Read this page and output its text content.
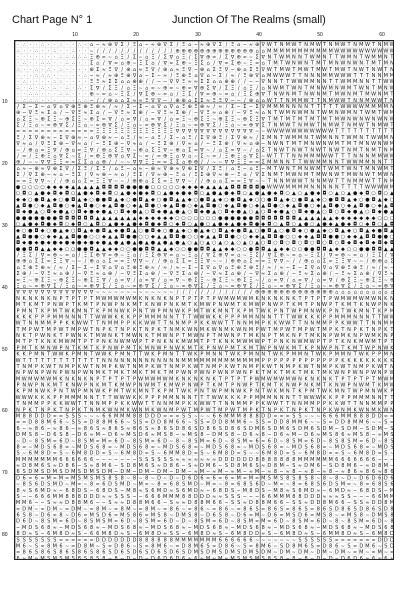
Chart Page N° 1	Junction Of The Realms (small)
10	20	30	40	50	60
10
20
30
40
50
60
70
80
· ∴ · · ∴ · · ∴ · · ∴ · ⌂ ∼ ≈ ⊕ ∇ Σ / Ξ ⌂ ∼ ≈ ⊕ ∇ Σ / Ξ ⌂ ∼ ≈ ⊕ ∇ Σ / Ξ ⌂ ∼ ≈ ⊕ ∇ W T N M W T N M W T N M W T N M W T N M W
∴ · · ∴ · · ∴ · · ∴ · · ∼ / / / / / / / / / / / / / ⊕ ⊕ ⊕ ⊕ ⊕ ⊕ ⊕ ⊕ ⊕ ⊕ ⊕ ⊕ ⊕ ⌂ ⌂ M M M M M M M M M M M W W W W W W W W W W
· · · · · · · ∴ ∴ ∴ ∴ ∴ Ξ ⊕ ≈ ∼ ⌂ Ξ / Σ ∼ ⌂ Ξ / Σ ∇ ⌂ Ξ / Σ ∇ ⊕ ≈ / Σ ∇ ⊕ ≈ ∼ Σ ∇ N T W M N N T W M N T T W M N T W M M N T
· ∴ · · ∴ ∴ · · ∴ ∴ · · Σ ⌂ / ∇ ≈ ⌂ ⊕ ∼ Ξ Σ ⌂ / ∇ ≈ Σ ⊕ ∼ Ξ Σ ⌂ / ∇ ≈ Σ ⊕ ∼ Ξ ≈ ⌂ T M T W N W N T M T M N W N W N T M T M N
∴ · · ∴ · ∴ · ∴ · · · · ⊕ Σ ≈ Ξ ∇ / ⊕ ⌂ ≈ Ξ ∇ / ⊕ ⌂ ≈ Ξ ∇ ∼ ⊕ ⌂ Σ Ξ ∇ ∼ ⊕ ⌂ Σ Ξ ∇ W T M W T M W T M W T M W T N W T N W T N
· · · ∴ ∴ ∴ · · · · · ∴ ∼ ≈ / ≈ ⊕ Ξ ⊕ ∇ ⌂ ∼ Σ ∼ ≈ / Ξ ⊕ Ξ ⌂ ∇ ⌂ ∼ Σ / ≈ / Ξ ⊕ ∇ ⌂ M W W W T T N N N M M W W W T T T N N M M
· ∴ · · · · ∴ ∴ · · · · Ξ Ξ ≈ Σ Σ ⌂ ⌂ ⊕ ⊕ / / ∼ ∼ ∇ ∇ Ξ ≈ ≈ Σ Σ ⌂ ⌂ ⊕ ⊕ / / ∼ ∼ ∇ N N T T W W M M N N T T W M M N N T T W W
∴ · ∴ · ∴ · ∴ · ∴ · ∴ · Σ ∇ / Σ Ξ / ⌂ Ξ ∼ ⌂ ≈ ∼ ⊕ ≈ ∼ ⊕ ≈ ∇ ⊕ Σ ∇ / Σ Ξ / ⌂ Ξ / ⌂ N W M T W N T M N W M N W M T W N T M N W
· · ∴ ∴ · · · ∴ ∴ · · · ⊕ ∼ ≈ ⌂ ∼ Ξ Σ / ∇ Σ ⊕ ∼ ≈ ⌂ / Ξ Σ / ∇ ≈ ⊕ ∼ ≈ ⌂ / Ξ Σ ⊕ ∇ T N W N M T N W N M T M W N M T M W N M T
· ∴ ∴ ∴ · · · · · · ∴ ∴ ∼ / / ⊕ ⌂ ⌂ Σ ≈ ≈ Ξ ∇ ∇ ∼ / ⊕ ⊕ ⌂ Σ Σ ≈ Ξ Ξ ∇ ∼ ∼ / ⊕ ⌂ ⌂ W T T N M M W T T N M W W T N N M W W T N
/ Σ ∼ Σ ∼ ⌂ ∇ ⌂ ∇ ⊕ Ξ ⊕ Ξ ⊕ ≈ / ≈ / Σ ∼ Σ ∼ ⌂ ∇ ⌂ ∇ ⌂ Ξ ⊕ Ξ ⊕ ≈ / ≈ / Σ ∼ Σ ∼ Σ ∇ M M M N N N N T T T T T W W W W M M M M N
⊕ ∼ ∇ Ξ ≈ Σ ⌂ / ∼ ∇ Ξ ≈ Σ ⌂ / ∼ ∇ Ξ ≈ Σ ⊕ / ∼ ∇ Ξ ≈ Σ ⊕ / ∼ ∇ Ξ ≈ ⌂ ⊕ / ∼ ∇ Ξ ≈ ⌂ N T W M N W M N T W M N W M N T W M T W M
⌂ Σ Ξ ∼ ⊕ Σ Ξ ∼ ⊕ Σ Ξ ∼ ⊕ Σ ≈ ∇ / ⌂ ≈ ∇ / ⌂ ≈ ∇ / ⌂ ≈ Ξ ∼ ⊕ Σ Ξ ∼ ⊕ Σ Ξ ∼ ⊕ Σ Ξ ∇ T M T M T M T M T M T M W N W N W N W N W
Σ / Ξ ⌂ ∼ ≈ ⊕ ∇ Σ / Ξ ⌂ ∼ ≈ ⊕ ∇ Σ / Ξ ⌂ ∼ ≈ ⊕ ∇ Σ / Ξ ⌂ ∼ ≈ ⊕ ∇ Σ / Ξ ⌂ ∼ ≈ ⊕ ∇ Σ T N M W T N M W T N M W T N M W T N M W T
≈ ≈ ≈ ≈ ≈ ≈ ≈ ≈ ≈ ≈ ≈ ≈ ≈ Ξ Ξ Ξ Ξ Ξ Ξ Ξ Ξ Ξ Ξ Ξ Ξ Ξ ∇ ∇ ∇ ∇ ∇ ∇ ∇ ∇ ∇ ∇ ∇ ∇ ∇ ∼ ∼ W W W W W W W W W W W T T T T T T T T T T
Ξ / Σ ∇ ⊕ ≈ ∼ Σ ∇ ⊕ ≈ ∼ ⌂ ∇ ⊕ ≈ ∼ ⌂ Ξ / ≈ ∼ ⌂ Ξ / Σ ∼ ⌂ Ξ / Σ ∇ ⊕ Ξ / Σ ∇ ⊕ ≈ / Σ M N T W M M N T W M N N T W M N T W W M N
∇ ≈ ⌂ / ∇ Ξ Σ ⊕ ∼ ∇ ≈ ⌂ / ∼ Ξ Σ ⊕ ∼ ∇ ≈ ⌂ / ∼ Ξ Σ ⊕ / ∇ ≈ ⌂ / ∼ Ξ Σ ⊕ / ∇ ≈ ⌂ ⊕ ∼ N W N T M T M N W N W M T M T M N W N W M
∼ / ⊕ ⌂ ≈ Ξ ∇ / ⊕ ⌂ ≈ Ξ ∇ / ⊕ ⌂ Σ Ξ ∇ ∼ ⊕ ⌂ Σ Ξ ∇ ∼ ⊕ ⌂ Σ ≈ ∇ ∼ / ⌂ Σ ≈ ∇ ∼ / ⌂ Σ T N W T N W T N W T N W T N M T N M T N M
/ ≈ / Ξ ⊕ Ξ ⌂ ∇ Σ ∼ Σ / ≈ ⊕ Ξ ⊕ ∇ ⌂ ∇ Σ ∼ ≈ / ≈ ⊕ Ξ ⌂ ∇ ⌂ ∼ Σ ∼ ≈ / Ξ ⊕ Ξ ⌂ ∇ Σ ∼ W T T T N N M M M W W T T T N N N M M W W
⊕ / ∼ ∼ ∇ ∇ Ξ Ξ ≈ ≈ Σ Σ ⌂ ⌂ ⊕ / / ∼ ∼ ∇ ∇ Ξ Ξ ≈ ≈ Σ Σ ⌂ ⊕ ⊕ / / ∼ ∼ ∇ ∇ Ξ Ξ ≈ ≈ Σ M M N N T T W W M M N N T W W M M N N T T
⌂ ≈ ∼ ⊕ ≈ ∇ ⊕ Σ ∇ / Σ Ξ / Σ Ξ / ⌂ Ξ ∼ ⌂ ≈ ∼ ⊕ ≈ ∇ ⊕ ≈ ∇ ⊕ Σ ∇ / Σ Ξ / ⌂ Ξ ∼ ⌂ Ξ ∼ M T W N T M N W M T W M T W N T M N W M T
Σ / ∇ Σ ⊕ ∼ ≈ ⌂ ∼ Ξ Σ / ∇ ≈ ⊕ ∼ ≈ ⌂ / Ξ Σ / ∇ ≈ ⊕ ∼ Ξ ⌂ / Ξ Σ ⊕ ∇ ≈ ⊕ ∼ Ξ ⌂ / ∇ Σ N M T M W N M T M W N W T M W N W T M W N
≈ ≈ Ξ ∇ ∇ ∼ / / ⊕ ⌂ ⌂ Σ ≈ Ξ Ξ ∇ ∼ ∼ / ⊕ ⊕ ⌂ Σ Σ ≈ Ξ ∇ ∇ ∼ / / ⊕ ⌂ ⌂ Σ ≈ ≈ Ξ ∇ ∼ ∼ T N N M W W T N N M W T T N M M W T T N M
● ○ ○ ○ ○ ◆ ◆ ◆ ◆ ▲ ▲ ▲ ▲ ▲ ◘ ◘ ◘ ◘ ● ● ● ● ○ ○ ○ ○ ○ ◆ ◆ ◆ ◆ ▲ ▲ ▲ ▲ ◘ ◘ ◘ ◘ ◘ ● W W W M M M M N N N N N T T T T W W W W M
○ ◘ ○ ▲ ● ◆ ◘ ◆ ◘ ○ ▲ ● ◆ ◘ ◆ ◘ ○ ▲ ● ◆ ● ◆ ◘ ○ ▲ ● ◆ ● ◆ ◘ ○ ▲ ● ▲ ● ◆ ◘ ○ ▲ ● ▲ ● ◆ ◘ ○ ▲ ○ ▲ ● ◆ ◘ ○ ▲ ○ ▲ ● ◆ ◘ ○ ◘ ○ ▲
◆ ◆ ○ ● ◘ ▲ ◆ ○ ● ◘ ▲ ◆ ○ ● ● ◘ ▲ ◆ ○ ● ◘ ▲ ◆ ○ ● ◘ ▲ ▲ ◆ ○ ● ◘ ▲ ◆ ○ ● ◘ ▲ ◆ ○ ○ ● ◘ ▲ ◆ ○ ● ◘ ▲ ◆ ○ ● ◘ ◘ ▲ ◆ ○ ● ◘ ▲ ◆ ○
▲ ◘ ● ○ ◆ ▲ ◘ ● ○ ◆ ▲ ◘ ● ○ ◆ ▲ ◘ ● ○ ◆ ▲ ◘ ● ○ ◆ ▲ ◘ ● ○ ◆ ▲ ◘ ● ○ ◆ ▲ ◘ ● ○ ◆ ▲ ◘ ● ○ ◆ ▲ ◘ ● ○ ◆ ▲ ◘ ● ○ ◆ ▲ ◘ ● ○ ◆ ▲ ◘
◘ ◆ ● ▲ ○ ◘ ◆ ● ▲ ○ ◘ ◆ ● ◆ ● ▲ ○ ◘ ◆ ● ▲ ○ ◘ ◆ ● ▲ ● ▲ ○ ◘ ◆ ● ▲ ○ ◘ ◆ ● ▲ ○ ▲ ○ ◘ ◆ ● ▲ ○ ◘ ◆ ● ▲ ○ ◘ ○ ◘ ◆ ● ▲ ○ ◘ ◆ ● ▲
● ● ● ● ● ● ● ◘ ◘ ◘ ◘ ◘ ◘ ▲ ▲ ▲ ▲ ▲ ▲ ▲ ◆ ◆ ◆ ◆ ◆ ◆ ○ ○ ○ ○ ○ ○ ○ ● ● ● ● ● ● ◘ ◘ ◘ ◘ ◘ ◘ ◘ ▲ ▲ ▲ ▲ ▲ ▲ ◆ ◆ ◆ ◆ ◆ ◆ ◆ ○ ○ ○
○ ▲ ● ◆ ◘ ● ◆ ◘ ○ ◆ ◘ ○ ▲ ◘ ○ ▲ ● ◆ ▲ ● ◆ ◘ ● ◆ ◘ ○ ◆ ◘ ○ ▲ ● ○ ▲ ● ◆ ▲ ● ◆ ◘ ● ◆ ◘ ○ ▲ ◘ ○ ▲ ● ○ ▲ ● ◆ ▲ ● ◆ ◘ ○ ◆ ◘ ○ ▲ ◘
◆ ○ ● ◘ ◆ ○ ● ▲ ◆ ○ ◘ ▲ ◆ ● ◘ ▲ ◆ ● ◘ ▲ ○ ● ◘ ◆ ○ ● ▲ ◆ ○ ● ▲ ◆ ○ ◘ ▲ ◆ ● ◘ ▲ ○ ● ◘ ▲ ○ ● ◘ ◆ ○ ● ▲ ◆ ○ ◘ ▲ ◆ ○ ◘ ▲ ◆ ● ◘ ▲
▲ ◘ ● ● ○ ◆ ◆ ▲ ▲ ◘ ● ● ○ ○ ◆ ▲ ▲ ◘ ● ● ○ ○ ◆ ▲ ▲ ◘ ◘ ● ○ ○ ◆ ▲ ▲ ◘ ◘ ● ○ ○ ◆ ◆ ▲ ◘ ◘ ● ○ ○ ◆ ◆ ▲ ◘ ◘ ● ● ○ ◆ ◆ ▲ ◘ ◘ ● ● ○
◘ ◆ ● ◆ ● ◆ ● ◆ ● ◆ ● ◆ ● ◆ ● ▲ ● ▲ ● ▲ ● ▲ ● ▲ ● ▲ ● ▲ ○ ▲ ○ ▲ ○ ▲ ○ ▲ ○ ▲ ○ ▲ ○ ◘ ○ ◘ ○ ◘ ○ ◘ ○ ◘ ○ ◘ ○ ◘ ◆ ◘ ◆ ◘ ◆ ◘ ◆ ◘
● ● ◘ ◘ ▲ ▲ ◆ ◆ ○ ○ ● ● ◘ ▲ ▲ ◆ ◆ ○ ○ ● ● ◘ ◘ ▲ ▲ ◆ ○ ○ ● ● ◘ ◘ ▲ ▲ ◆ ◆ ○ ○ ● ◘ ◘ ▲ ▲ ◆ ◆ ○ ○ ● ● ◘ ◘ ▲ ◆ ◆ ○ ○ ● ● ◘ ◘ ▲ ▲
/ Ξ Σ / ∇ ≈ ⊕ ∼ ≈ ⌂ / Ξ Σ ⊕ ∇ ≈ ⊕ ∼ Ξ ⌂ / Ξ Σ ⊕ ∇ ≈ ⌂ ∼ Ξ ⌂ / ∇ Σ ⊕ ∇ ≈ ⌂ ∼ Ξ Σ / ∇ Σ ⊕ ∼ ≈ ⌂ ∼ Ξ Σ / ∇ ≈ ⊕ ∼ ≈ ⌂ / Ξ Σ / ∇
⊕ ⊕ ⌂ Σ Σ ≈ Ξ Ξ ∇ ∼ ∼ / ⊕ ⌂ ⌂ Σ ≈ ≈ Ξ ∇ ∇ ∼ / / ⊕ ⌂ Σ Σ ≈ Ξ Ξ ∇ ∼ ∼ / ⊕ ⊕ ⌂ Σ ≈ ≈ Ξ ∇ ∇ ∼ / / ⊕ ⌂ ⌂ Σ ≈ Ξ Ξ ∇ ∼ ∼ / ⊕ ⊕ ⌂ Σ
⌂ Ξ ⊕ Ξ ⊕ ≈ / ≈ / Σ ∼ Σ ∼ Σ ∇ ⌂ ∇ ⌂ Ξ ⊕ Ξ ⊕ ≈ / ≈ / ≈ ∼ Σ ∼ Σ ∇ ⌂ ∇ ⌂ Ξ ⊕ Ξ ⊕ Ξ / ≈ / ≈ ∼ Σ ∼ Σ ∇ ⌂ ∇ ⌂ ∇ ⊕ Ξ ⊕ Ξ / ≈ / ≈ ∼
Σ ⊕ / ∼ ∇ Ξ ≈ ⌂ ⊕ / ∼ ∇ Ξ ≈ ⌂ ⊕ / ∼ ∇ Ξ Σ ⌂ ⊕ / ∼ ∇ Ξ Σ ⌂ ⊕ / ∼ ∇ ≈ Σ ⌂ ⊕ / ∼ ∇ ≈ Σ ⌂ ⊕ / ∼ Ξ ≈ Σ ⌂ ⊕ / ∼ Ξ ≈ Σ ⌂ ⊕ / ∇ Ξ ≈
≈ Ξ ∼ ⊕ Σ Ξ ∼ ⊕ Σ Ξ ∼ ⊕ Σ Ξ ∇ / ⌂ ≈ ∇ / ⌂ ≈ ∇ / ⌂ ≈ ∇ ∼ ⊕ Σ Ξ ∼ ⊕ Σ Ξ ∼ ⊕ Σ Ξ ∼ / ⌂ ≈ ∇ / ⌂ ≈ ∇ / ⌂ ≈ ∇ / ⊕ Σ Ξ ∼ ⊕ Σ Ξ ∼ ⊕
Ξ ⌂ ∼ ≈ ⊕ ∇ Σ / Ξ ⌂ ∼ ≈ ⊕ ∇ Σ / Ξ ⌂ ∼ ≈ ⊕ ∇ Σ / Ξ ⌂ ∼ ≈ ⊕ ∇ Σ / Ξ ⌂ ∼ ≈ ⊕ ∇ Σ / Ξ ⌂ ∼ ≈ ⊕ ∇ Σ / Ξ ⌂ ∼ ≈ ⊕ ∇ Σ / Ξ ⌂ ∼ ≈ ⊕ ∇
∇ ∇ ∇ ∇ ∇ ∇ ∇ ∇ ∇ ∇ ∇ ∇ ∇ ∼ ∼ ∼ ∼ ∼ ∼ ∼ ∼ ∼ ∼ ∼ ∼ ∼ / / / / / / / / / / / / / ⊕ ⊕ ⊕ ⊕ ⊕ ⊕ ⊕ ⊕ ⊕ ⊕ ⊕ ⊕ ⊕ ⌂ ⌂ ⌂ ⌂ ⌂ ⌂ ⌂ ⌂ ⌂ ⌂
N K N K N K N P T P T P T M W M W M W M K N K N K N P T P T P T P W M W M W M K N K N K N K T P T P T P W M W M W M W N K N
M T K M T P N W P T K M T P N W P N K M T K N W P N K M T K M W P N W M T K M W P N W P T K M T P N W P T K M T K N W P N K
P M N T K P M T W K M N T K P M N W K P N T W P M N W K P M T W K M N T K P M T W K P N T W P M N W K P N T W K M N T K P M
K K K P P P M M N N N T T W W W K K K P P M M M N N T T T W W W K K P P P M M N N N T T T W W K K K P P M M M N N N T T W W
W T N N M M P P K K W W T T N M M P P K K W W T T N N M P P K K W W T T N N M M P K K W W T T N N M M P P K W W T T N N M M
T M P W T M P W T M P W T N P K T N P K T N P K T N M K W N M K W N M K W N M P W T M P W T M P W T M P K T N P K T N P K T
N K T P W N K T P W N K T M W N K T M W N K T M W N P T M W N P T M W N P T M K N P T M K N P T M K N P W M K N P W M K N P
M T P T K N K M W M T P T P N K N W M W P T P N K N K M W M T P T K N K M W M W P T P N K N W M W P T P T K N K M W M T P T
P M T K M N W P N T K M T K P N W P M T K M N W P N W K M T K P N W P M T K M T W P N W K M T K P N W P N T K M T W P N W K
K K P M N T W W K P M N T W W K P M N T T W K P M N T T W K P M N N T W K P M N N T W K P M M N T W K P M M N T W K P P M N
W T T T T T T T T T T T T T N N N N N N N N N N N N N M M M M M M M M M M M M M P P P P P P P P P P P P P K K K K K K K K K
T N M P K W T N M P K W T N M P K W T N M P K W T N M P K W T N M P K W T N M P K W T N M P K W T N M P K W T N M P K W T N
N P W N P W N P W N P W N M K T M K T M K T M K T M P W N P W N P W N P W N P K T M K T M K T M K T M K W N P W N P W N P W
M W M W M W M K N K N K N P T P T P T P W M W M W M K N K N K N K T P T P T P W M W M W M W N K N K N K T P T P T P T M W M
P N W P N K M T K N W P N K M T K M W P N W M T K M W P N W P T K M T P N W P T K M T K N W P N K M T K N W P N W M T K M W
K P M N W K P N T W P M N W K P M T W K M N T K P M T W K P N T W P M N W K P N T W K M N T K P M T W K M N T W P M N W K P
W W W K K K P P M M M N N T T T W W W K K P P P M M N N N T T T W W K K K P P M M M N N N T T W W W K K P P P M M M N N T T
T N M M P P K K W W T T N N M P P K K W W T T N N M M P K K W W T T N N M M P P K W W T T N N M M P P K K W T T N N M M P P
N P K T N P K T N P K T N M K W N M K W N M K W N M P W T M P W T M P W T M P K T N P K T N P K T N P K W N M K W N M K W N
M 8 8 D D D ≈ ≈ S S S ∼ ∼ ∼ 6 6 M M M 8 8 D D D ≈ ≈ ≈ S S ∼ ∼ ∼ 6 6 M M M 8 8 8 D D ≈ ≈ ≈ S S ∼ ∼ ∼ 6 6 6 M M 8 8 8 D D ≈ ≈
≈ ≈ D 8 8 M 6 6 ∼ S S ≈ D 8 8 M 6 6 ∼ S S ≈ D D 8 M 6 6 ∼ S S ≈ D D 8 M M 6 ∼ S S ≈ D D 8 M M 6 ∼ ∼ S ≈ D D 8 M M 6 ∼ ∼ S ≈
6 ∼ ≈ 8 6 ∼ ≈ 8 6 ∼ ≈ 8 6 S ≈ 8 6 S ≈ 8 6 S ≈ 8 6 S D 8 6 S D 8 6 S D 8 6 S D M 6 S D M 6 S D M 6 S D M ∼ S D M ∼ S D M ∼ S
D M S 8 ∼ D 6 S 8 ∼ D 6 ≈ M ∼ D 6 ≈ M S D 6 ≈ M S 8 ∼ ≈ M S 8 ∼ D M S 8 ∼ D 6 ≈ 8 ∼ D 6 ≈ M ∼ D 6 ≈ M S 8 6 ≈ M S 8 ∼ ≈ M S
∼ D ∼ 8 S M ≈ 6 D ∼ 8 S M ≈ M ≈ 6 D ∼ 8 S M ≈ 6 D ∼ 8 ∼ 8 S M ≈ 6 D ∼ 8 S M ≈ 6 ≈ 6 D ∼ 8 S M ≈ 6 D ∼ 8 S 8 S M ≈ 6 D ∼ 8 S
8 ≈ ∼ M D S 6 8 ≈ ∼ M D S 6 8 ≈ ∼ M D S 6 8 ≈ ∼ M D S 6 8 ≈ ∼ M D S 6 8 ≈ ∼ M D S 6 8 ≈ ∼ M D S 6 8 ≈ ∼ M D S 6 8 ≈ ∼ M D S
S ∼ 6 M 8 D ≈ S ∼ 6 M 8 D D ≈ S ∼ 6 M 8 D ≈ S ∼ 6 M M 8 D ≈ S ∼ 6 M 8 D ≈ S ∼ ∼ 6 M 8 D ≈ S ∼ 6 M 8 D ≈ ≈ S ∼ 6 M 8 D ≈ S ∼
M M M M M M M 6 6 6 6 6 6 ∼ ∼ ∼ ∼ ∼ ∼ ∼ S S S S S S ≈ ≈ ≈ ≈ ≈ ≈ ≈ D D D D D D 8 8 8 8 8 8 8 M M M M M M 6 6 6 6 6 6 6 ∼ ∼ ∼
≈ D 8 M 6 S ≈ D 8 6 ∼ S ≈ 8 M 6 ∼ S D 8 M 6 S ≈ D 8 6 ∼ S ≈ D M 6 ∼ S D 8 M 6 S ≈ D 8 M ∼ S ≈ D M 6 ∼ S D 8 M 6 ∼ ≈ D 8 M ∼
6 S D M S D M S D M S D M S D M ∼ D M ∼ D M ∼ D M ∼ D M ∼ ≈ M ∼ ≈ M ∼ ≈ M ∼ ≈ M ∼ ≈ 8 ∼ ≈ 8 ∼ ≈ 8 ∼ ≈ 8 ∼ ≈ 8 6 ≈ 8 6 ≈ 8 6
D 6 ≈ 6 ≈ M ≈ M ≈ M S M S M S 8 S 8 ∼ 8 ∼ 8 ∼ D ∼ D ∼ D 6 D 6 ≈ 6 ≈ 6 ≈ M ≈ M ≈ M S M S 8 S 8 S 8 ∼ 8 ∼ 8 ∼ D ∼ D 6 D 6 D 6
∼ 8 S 6 D S M D ∼ M ≈ ∼ 8 ≈ 6 D S M D ∼ M ≈ ∼ 8 ≈ 6 8 S M D ∼ M ≈ ∼ 8 ≈ 6 8 S 6 D ∼ M ≈ ∼ 8 ≈ 6 8 S 6 D S M ≈ ∼ 8 ≈ 6 8 S 6
8 ≈ S 6 M D ≈ ∼ 6 8 D S ∼ 6 8 D S ∼ M 8 ≈ S 6 M D ≈ S 6 M D ≈ ∼ 6 8 D S ∼ M 8 D S ∼ M 8 ≈ S 6 M D ≈ ∼ 6 M D ≈ ∼ 6 8 D S ∼ M
S ∼ ∼ 6 6 6 M M 8 8 8 D D D ≈ ≈ S S S ∼ ∼ 6 6 6 M M M 8 8 D D D ≈ ≈ S S S ∼ ∼ ∼ 6 6 M M M 8 8 D D D ≈ ≈ ≈ S S ∼ ∼ ∼ 6 6 M M
M M 6 ∼ ∼ S ≈ ≈ D 8 8 M 6 ∼ ∼ S ≈ ≈ D 8 8 M 6 6 ∼ S ≈ ≈ D 8 8 M 6 6 ∼ S S ≈ D 8 8 M 6 6 ∼ S S ≈ D D 8 M 6 6 ∼ S S ≈ D D 8 M
≈ D M ∼ ≈ D M ∼ ≈ D M ∼ ≈ 8 M ∼ ≈ 8 M ∼ ≈ 8 M ∼ ≈ 8 6 ∼ ≈ 8 6 ∼ ≈ 8 6 ∼ ≈ 8 6 S ≈ 8 6 S ≈ 8 6 S ≈ 8 6 S D 8 6 S D 8 6 S D 8
6 S 8 ∼ D 6 ≈ 8 ∼ D 6 ≈ M S D 6 ≈ M S 8 6 ≈ M S 8 ∼ D M S 8 ∼ D 6 S 8 ∼ D 6 ≈ M ∼ D 6 ≈ M S D 6 ≈ M S 8 ∼ ≈ M S 8 ∼ D M S 8
D 6 D ∼ 8 S M ≈ 6 D ∼ 8 S M S M ≈ 6 D ∼ 8 S M ≈ 6 D ∼ D ∼ 8 S M ≈ 6 D ∼ 8 S M ≈ M ≈ 6 D ∼ 8 S M ≈ 6 D ∼ 8 ∼ 8 S M ≈ 6 D ∼ 8
∼ M D S 6 8 ≈ ∼ M D S 6 8 ≈ ∼ M D S 6 8 ≈ ∼ M D S 6 8 ≈ ∼ M D S 6 8 ≈ ∼ M D S 6 8 ≈ ∼ M D S 6 8 ≈ ∼ M D S 6 8 ≈ ∼ M D S 6 8
8 D ≈ S ∼ 6 M 8 D ≈ S ∼ 6 6 M 8 D ≈ S ∼ 6 M 8 D ≈ S S ∼ 6 M 8 D ≈ S ∼ 6 M 8 D D ≈ S ∼ 6 M 8 D ≈ S ∼ 6 M M 8 D ≈ S ∼ 6 M 8 D
S S S S S S S ≈ ≈ ≈ ≈ ≈ ≈ D D D D D D D 8 8 8 8 8 8 M M M M M M M 6 6 6 6 6 6 ∼ ∼ ∼ ∼ ∼ ∼ ∼ S S S S S S ≈ ≈ ≈ ≈ ≈ ≈ ≈ D D D
M 6 ∼ S ≈ 8 M 6 ∼ ≈ D 8 M ∼ S ≈ D 8 6 ∼ S ≈ 8 M 6 ∼ ≈ D 8 M 6 S ≈ D 8 6 ∼ S ≈ 8 M 6 ∼ S D 8 M 6 S ≈ D 8 6 ∼ S ≈ D M 6 ∼ S D
≈ 8 6 S 8 6 S 8 6 S 8 6 S 8 6 S D 6 S D 6 S D 6 S D 6 S D M S D M S D M S D M S D M ∼ D M ∼ D M ∼ D M ∼ D M ∼ ≈ M ∼ ≈ M ∼ ≈
6 ≈ M ≈ M S M S M S 8 S 8 S 8 ∼ 8 ∼ D ∼ D ∼ D 6 D 6 D 6 ≈ 6 ≈ M ≈ M ≈ M S M S M S 8 S 8 ∼ 8 ∼ 8 ∼ D ∼ D ∼ D 6 D 6 ≈ 6 ≈ 6 ≈
